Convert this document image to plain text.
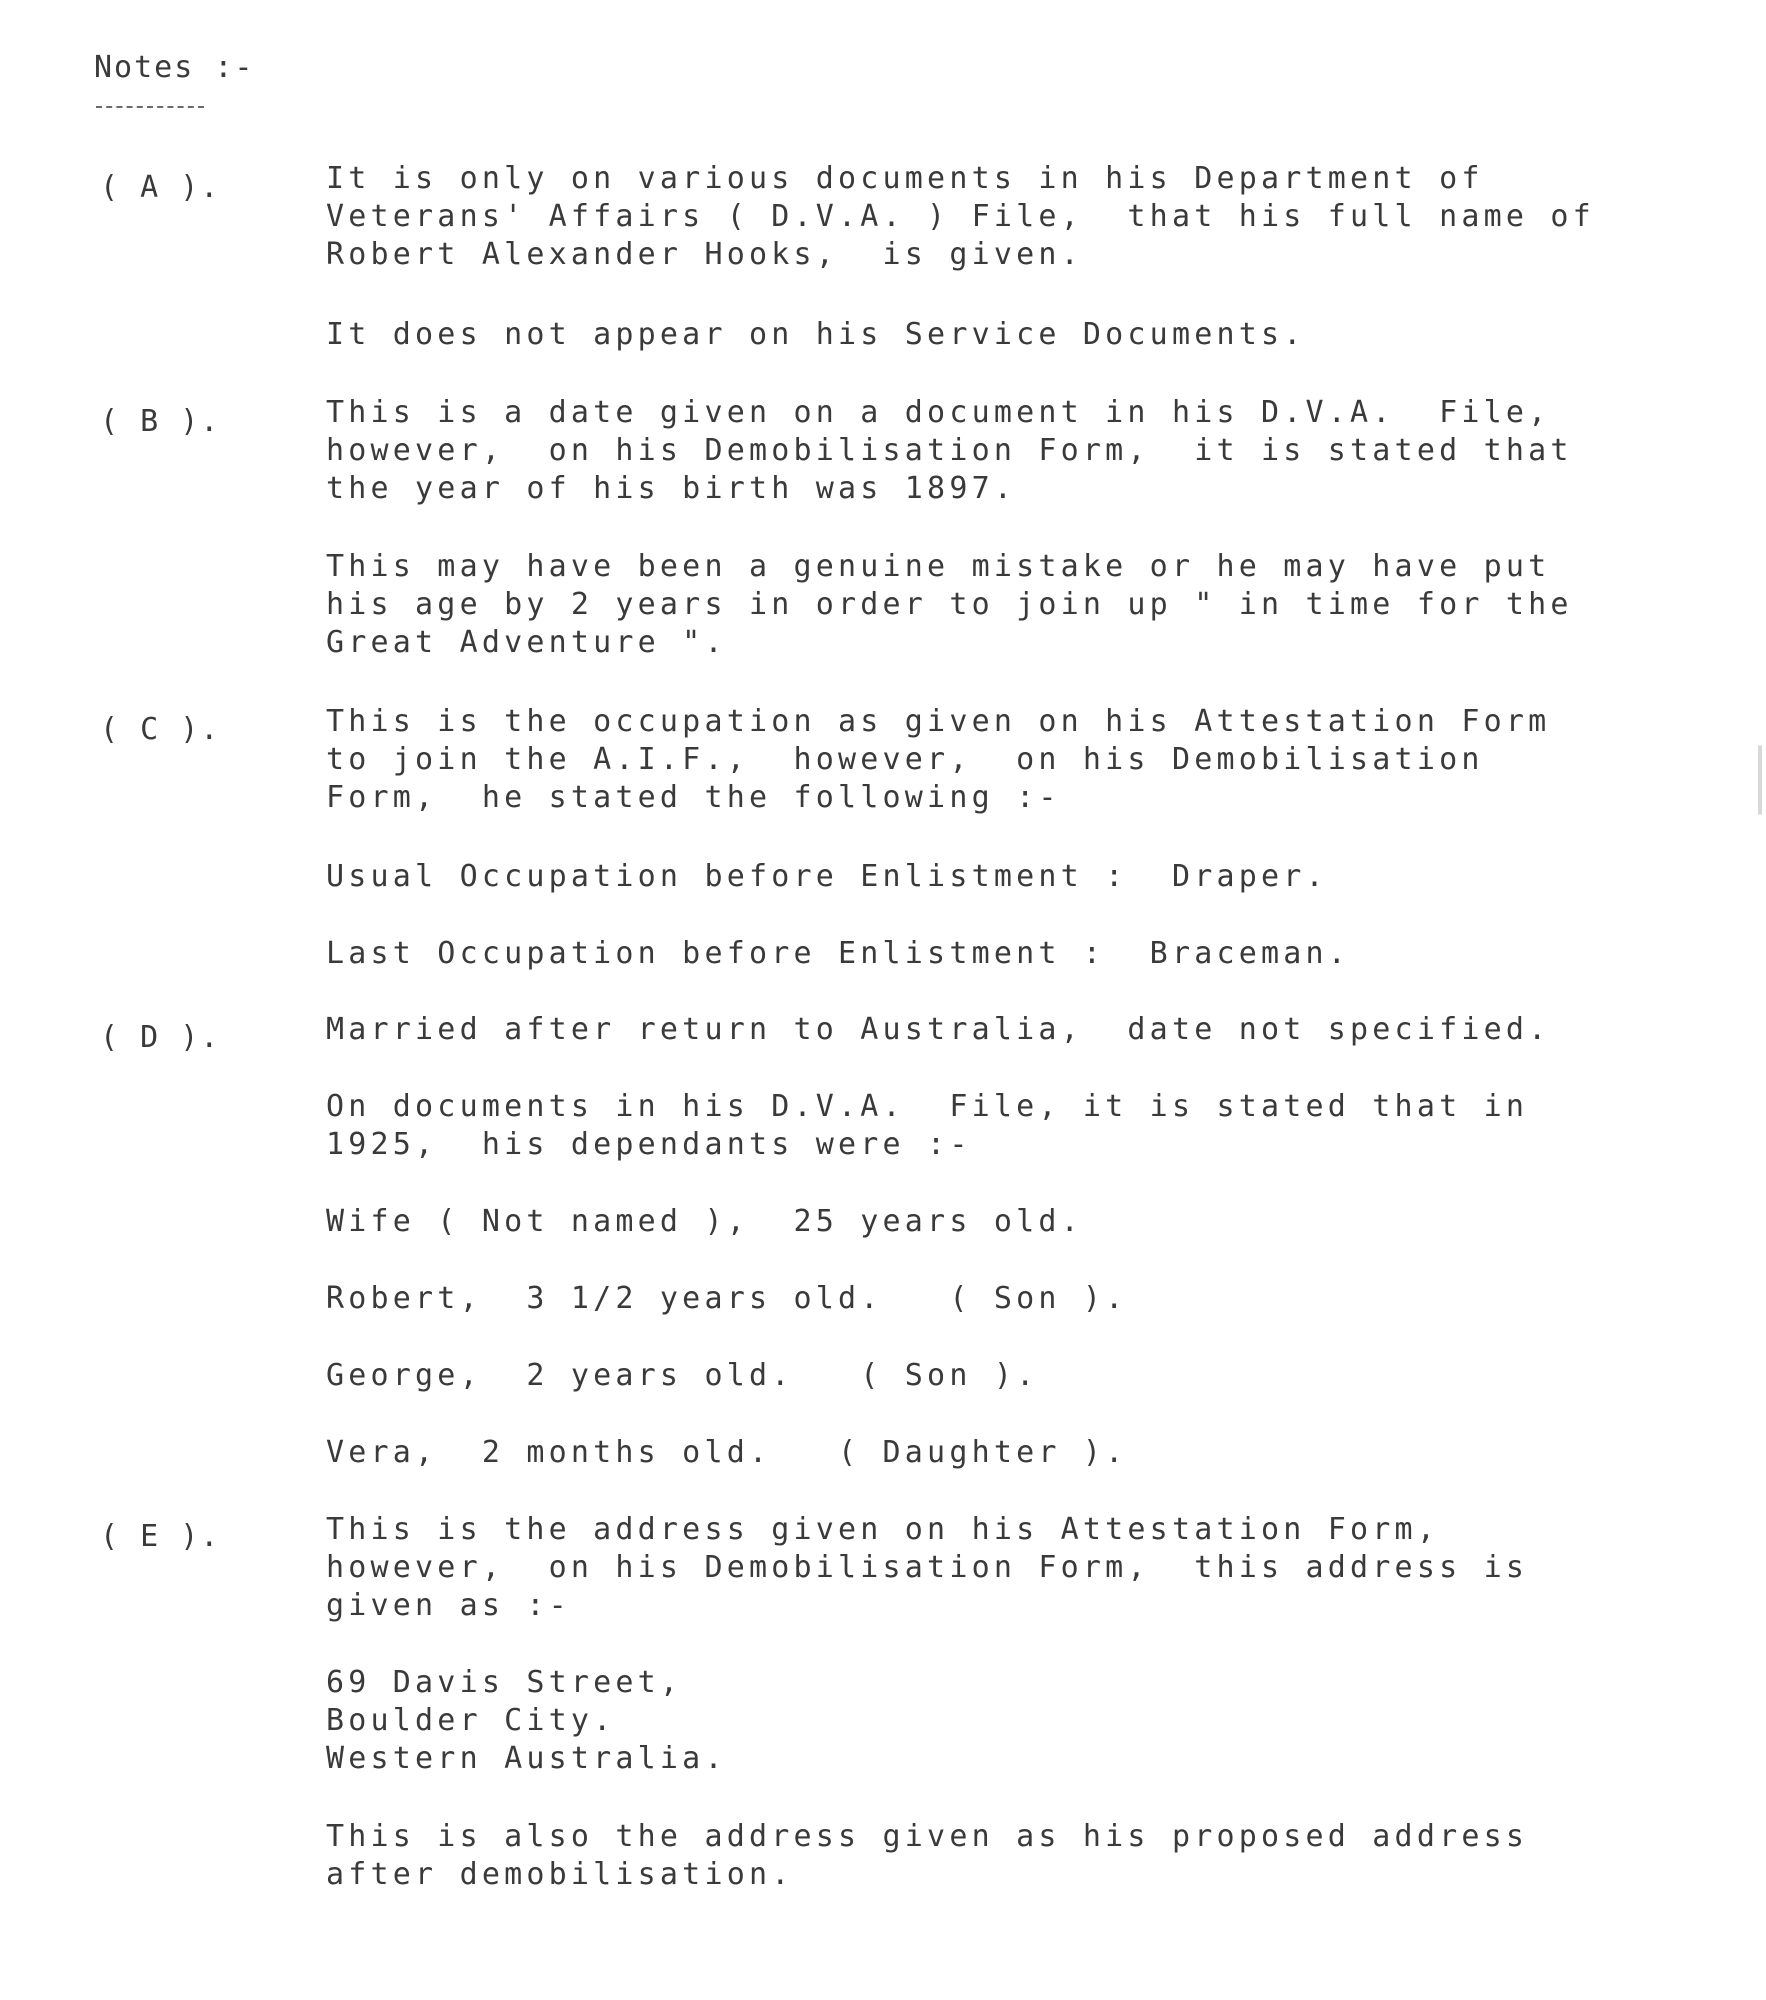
Notes :-
( A ).	It is only on various documents in his Department of
Veterans' Affairs ( D.V.A. ) File,  that his full name of
Robert Alexander Hooks,  is given.
It does not appear on his Service Documents.
( B ).	This is a date given on a document in his D.V.A.  File,
however,  on his Demobilisation Form,  it is stated that
the year of his birth was 1897.
This may have been a genuine mistake or he may have put
his age by 2 years in order to join up " in time for the
Great Adventure ".
( C ).	This is the occupation as given on his Attestation Form
to join the A.I.F.,  however,  on his Demobilisation
Form,  he stated the following :-
Usual Occupation before Enlistment :  Draper.
Last Occupation before Enlistment :  Braceman.
( D ).	Married after return to Australia,  date not specified.
On documents in his D.V.A.  File, it is stated that in
1925,  his dependants were :-
Wife ( Not named ),  25 years old.
Robert,  3 1/2 years old.   ( Son ).
George,  2 years old.   ( Son ).
Vera,  2 months old.   ( Daughter ).
( E ).	This is the address given on his Attestation Form,
however,  on his Demobilisation Form,  this address is
given as :-
69 Davis Street,
Boulder City.
Western Australia.
This is also the address given as his proposed address
after demobilisation.
